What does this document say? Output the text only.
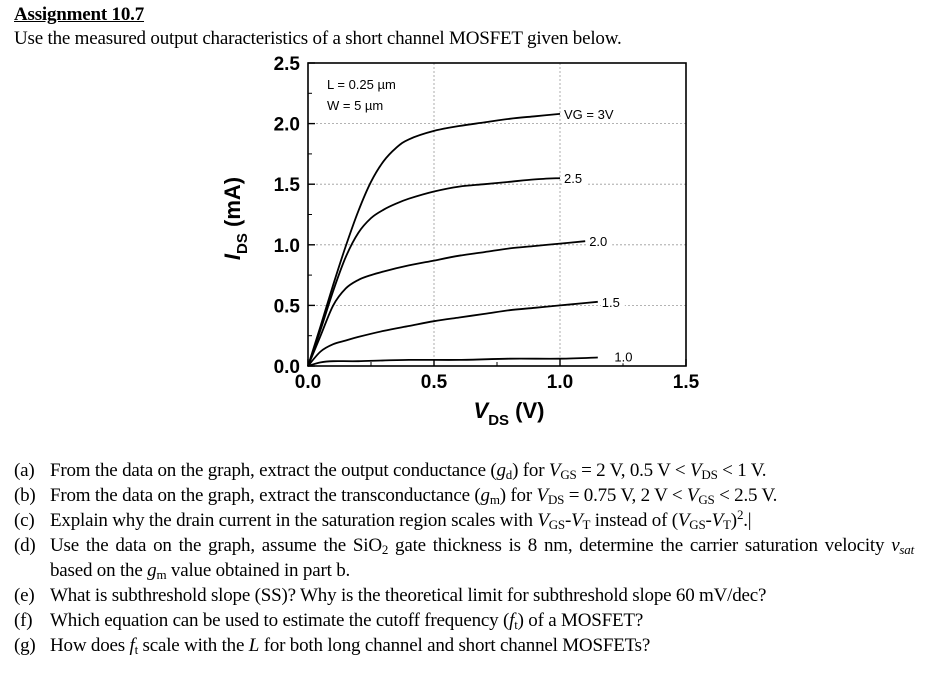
Assignment 10.7
Use the measured output characteristics of a short channel MOSFET given below.
0.0
0.5
1.0
1.5
2.0
2.5
0.0	0.5	1.0	1.5
VG = 3V
2.5
2.0
1.5
1.0
L = 0.25 µm
W = 5 µm
$V_{DS}$ (V)
$I_{DS}$ (mA)
(a) From the data on the graph, extract the output conductance $(g_d)$ for $V_{GS} = 2$ V, 0.5 $V < V_{DS} < 1$ V.
(b) From the data on the graph, extract the transconductance $(g_m)$ for $V_{DS} = 0.75$ V, 2 $V < V_{GS} < 2.5$ V.
(c) Explain why the drain current in the saturation region scales with $V_{GS}-V_T$ instead of $(V_{GS}-V_T)^2.|$
(d) Use the data on the graph, assume the SiO$_2$ gate thickness is 8 nm, determine the carrier saturation velocity $v_{sat}$ based on the $g_m$ value obtained in part b.
(e) What is subthreshold slope (SS)? Why is the theoretical limit for subthreshold slope 60 mV/dec?
(f) Which equation can be used to estimate the cutoff frequency $(f_t)$ of a MOSFET?
(g) How does $f_t$ scale with the L for both long channel and short channel MOSFETs?
